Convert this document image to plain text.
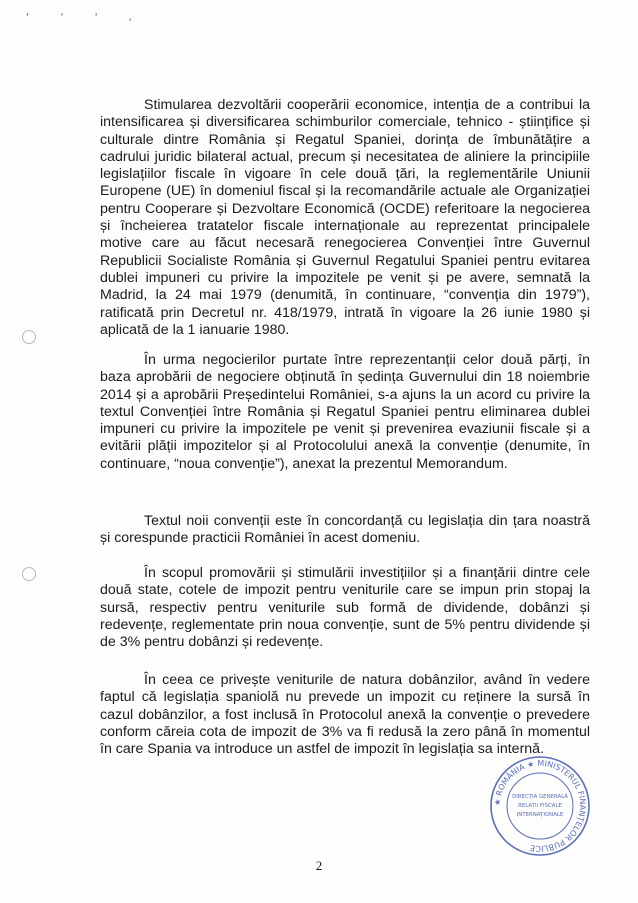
‘ ‘ ' ,

Stimularea dezvoltării cooperării economice, intenția de a contribui la intensificarea și diversificarea schimburilor comerciale, tehnico - științifice și culturale dintre România și Regatul Spaniei, dorința de îmbunătățire a cadrului juridic bilateral actual, precum și necesitatea de aliniere la principiile legislațiilor fiscale în vigoare în cele două țări, la reglementările Uniunii Europene (UE) în domeniul fiscal și la recomandările actuale ale Organizației pentru Cooperare și Dezvoltare Economică (OCDE) referitoare la negocierea și încheierea tratatelor fiscale internaționale au reprezentat principalele motive care au făcut necesară renegocierea Convenției între Guvernul Republicii Socialiste România și Guvernul Regatului Spaniei pentru evitarea dublei impuneri cu privire la impozitele pe venit și pe avere, semnată la Madrid, la 24 mai 1979 (denumită, în continuare, “convenția din 1979”), ratificată prin Decretul nr. 418/1979, intrată în vigoare la 26 iunie 1980 și aplicată de la 1 ianuarie 1980.

În urma negocierilor purtate între reprezentanții celor două părți, în baza aprobării de negociere obținută în ședința Guvernului din 18 noiembrie 2014 și a aprobării Președintelui României, s-a ajuns la un acord cu privire la textul Convenției între România și Regatul Spaniei pentru eliminarea dublei impuneri cu privire la impozitele pe venit și prevenirea evaziunii fiscale și a evitării plății impozitelor și al Protocolului anexă la convenție (denumite, în continuare, “noua convenție”), anexat la prezentul Memorandum.

Textul noii convenții este în concordanță cu legislația din țara noastră și corespunde practicii României în acest domeniu.

În scopul promovării și stimulării investițiilor și a finanțării dintre cele două state, cotele de impozit pentru veniturile care se impun prin stopaj la sursă, respectiv pentru veniturile sub formă de dividende, dobânzi și redevențe, reglementate prin noua convenție, sunt de 5% pentru dividende și de 3% pentru dobânzi și redevențe.

În ceea ce privește veniturile de natura dobânzilor, având în vedere faptul că legislația spaniolă nu prevede un impozit cu reținere la sursă în cazul dobânzilor, a fost inclusă în Protocolul anexă la convenție o prevedere conform căreia cota de impozit de 3% va fi redusă la zero până în momentul în care Spania va introduce un astfel de impozit în legislația sa internă.

★ ROMÂNIA ★ MINISTERUL FINANȚELOR PUBLICE
DIRECȚIA GENERALĂ
RELAȚII FISCALE
INTERNAȚIONALE
2
